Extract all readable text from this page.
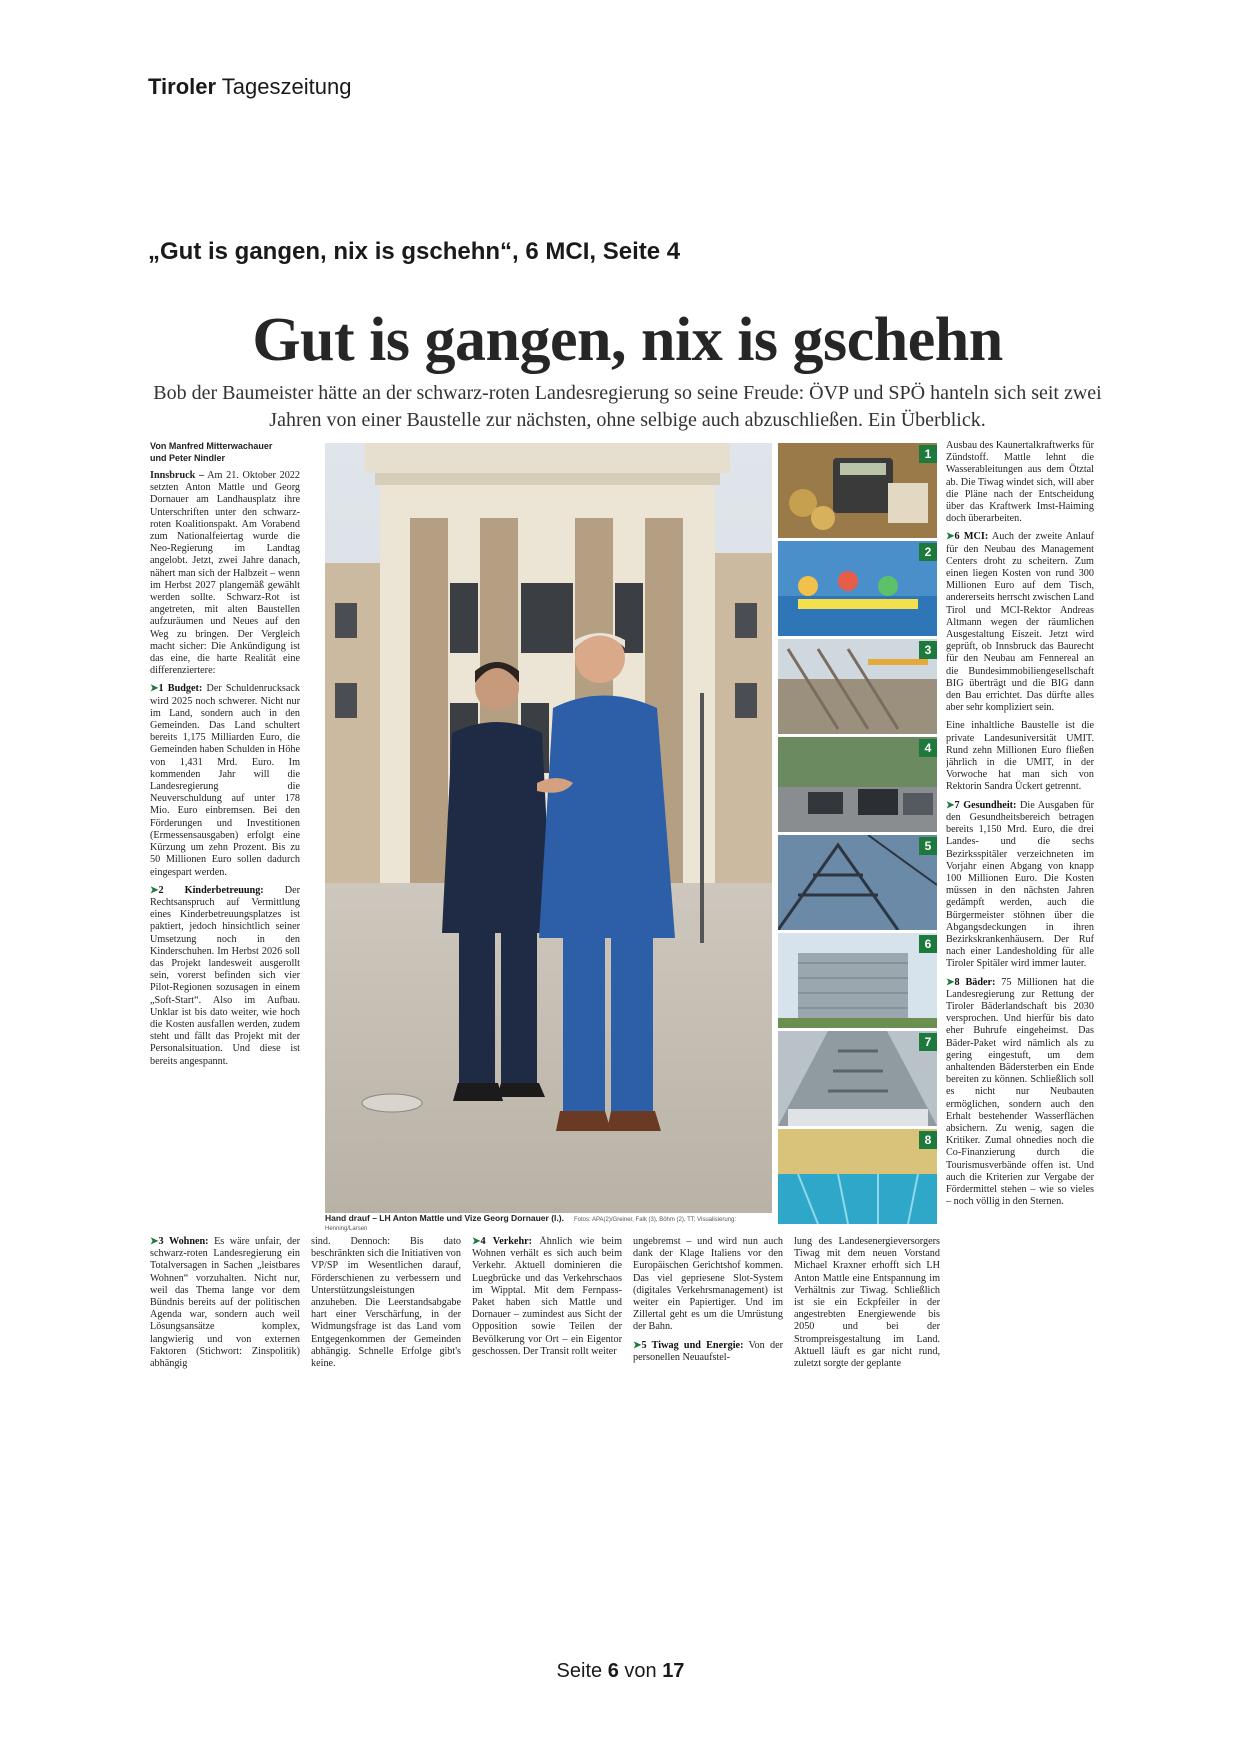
Tiroler Tageszeitung
„Gut is gangen, nix is gschehn“, 6 MCI, Seite 4
Gut is gangen, nix is gschehn
Bob der Baumeister hätte an der schwarz-roten Landesregierung so seine Freude: ÖVP und SPÖ hanteln sich seit zwei Jahren von einer Baustelle zur nächsten, ohne selbige auch abzuschließen. Ein Überblick.

Von Manfred Mitterwachauer
und Peter Nindler

Innsbruck – Am 21. Oktober 2022 setzten Anton Mattle und Georg Dornauer am Landhausplatz ihre Unterschriften unter den schwarz-roten Koalitionspakt. Am Vorabend zum Nationalfeiertag wurde die Neo-Regierung im Landtag angelobt. Jetzt, zwei Jahre danach, nähert man sich der Halbzeit – wenn im Herbst 2027 plangemäß gewählt werden sollte. Schwarz-Rot ist angetreten, mit alten Baustellen aufzuräumen und Neues auf den Weg zu bringen. Der Vergleich macht sicher: Die Ankündigung ist das eine, die harte Realität eine differenziertere:

➤ 1 Budget: Der Schuldenrucksack wird 2025 noch schwerer. Nicht nur im Land, sondern auch in den Gemeinden. Das Land schultert bereits 1,175 Milliarden Euro, die Gemeinden haben Schulden in Höhe von 1,431 Mrd. Euro. Im kommenden Jahr will die Landesregierung die Neuverschuldung auf unter 178 Mio. Euro einbremsen. Bei den Förderungen und Investitionen (Ermessensausgaben) erfolgt eine Kürzung um zehn Prozent. Bis zu 50 Millionen Euro sollen dadurch eingespart werden.

➤ 2 Kinderbetreuung: Der Rechtsanspruch auf Vermittlung eines Kinderbetreuungsplatzes ist paktiert, jedoch hinsichtlich seiner Umsetzung noch in den Kinderschuhen. Im Herbst 2026 soll das Projekt landesweit ausgerollt sein, vorerst befinden sich vier Pilot-Regionen sozusagen in einem „Soft-Start“. Also im Aufbau. Unklar ist bis dato weiter, wie hoch die Kosten ausfallen werden, zudem steht und fällt das Projekt mit der Personalsituation. Und diese ist bereits angespannt.

Hand drauf – LH Anton Mattle und Vize Georg Dornauer (l.). Fotos: APA(2)/Greiner, Falk (3), Böhm (2), TT; Visualisierung: Henning/Larsen
1
2
3
4
5
6
7
8

Ausbau des Kaunertalkraftwerks für Zündstoff. Mattle lehnt die Wasserableitungen aus dem Ötztal ab. Die Tiwag windet sich, will aber die Pläne nach der Entscheidung über das Kraftwerk Imst-Haiming doch überarbeiten.

➤ 6 MCI: Auch der zweite Anlauf für den Neubau des Management Centers droht zu scheitern. Zum einen liegen Kosten von rund 300 Millionen Euro auf dem Tisch, andererseits herrscht zwischen Land Tirol und MCI-Rektor Andreas Altmann wegen der räumlichen Ausgestaltung Eiszeit. Jetzt wird geprüft, ob Innsbruck das Baurecht für den Neubau am Fennereal an die Bundesimmobiliengesellschaft BIG überträgt und die BIG dann den Bau errichtet. Das dürfte alles aber sehr kompliziert sein.

Eine inhaltliche Baustelle ist die private Landesuniversität UMIT. Rund zehn Millionen Euro fließen jährlich in die UMIT, in der Vorwoche hat man sich von Rektorin Sandra Ückert getrennt.

➤ 7 Gesundheit: Die Ausgaben für den Gesundheitsbereich betragen bereits 1,150 Mrd. Euro, die drei Landes- und die sechs Bezirksspitäler verzeichneten im Vorjahr einen Abgang von knapp 100 Millionen Euro. Die Kosten müssen in den nächsten Jahren gedämpft werden, auch die Bürgermeister stöhnen über die Abgangsdeckungen in ihren Bezirkskrankenhäusern. Der Ruf nach einer Landesholding für alle Tiroler Spitäler wird immer lauter.

➤ 8 Bäder: 75 Millionen hat die Landesregierung zur Rettung der Tiroler Bäderlandschaft bis 2030 versprochen. Und hierfür bis dato eher Buhrufe eingeheimst. Das Bäder-Paket wird nämlich als zu gering eingestuft, um dem anhaltenden Bädersterben ein Ende bereiten zu können. Schließlich soll es nicht nur Neubauten ermöglichen, sondern auch den Erhalt bestehender Wasserflächen absichern. Zu wenig, sagen die Kritiker. Zumal ohnedies noch die Co-Finanzierung durch die Tourismusverbände offen ist. Und auch die Kriterien zur Vergabe der Fördermittel stehen – wie so vieles – noch völlig in den Sternen.

➤ 3 Wohnen: Es wäre unfair, der schwarz-roten Landesregierung ein Totalversagen in Sachen „leistbares Wohnen“ vorzuhalten. Nicht nur, weil das Thema lange vor dem Bündnis bereits auf der politischen Agenda war, sondern auch weil Lösungsansätze komplex, langwierig und von externen Faktoren (Stichwort: Zinspolitik) abhängig

sind. Dennoch: Bis dato beschränkten sich die Initiativen von VP/SP im Wesentlichen darauf, Förderschienen zu verbessern und Unterstützungsleistungen anzuheben. Die Leerstandsabgabe hart einer Verschärfung, in der Widmungsfrage ist das Land vom Entgegenkommen der Gemeinden abhängig. Schnelle Erfolge gibt's keine.

➤ 4 Verkehr: Ähnlich wie beim Wohnen verhält es sich auch beim Verkehr. Aktuell dominieren die Luegbrücke und das Verkehrschaos im Wipptal. Mit dem Fernpass-Paket haben sich Mattle und Dornauer – zumindest aus Sicht der Opposition sowie Teilen der Bevölkerung vor Ort – ein Eigentor geschossen. Der Transit rollt weiter

ungebremst – und wird nun auch dank der Klage Italiens vor den Europäischen Gerichtshof kommen. Das viel gepriesene Slot-System (digitales Verkehrsmanagement) ist weiter ein Papiertiger. Und im Zillertal geht es um die Umrüstung der Bahn.

➤ 5 Tiwag und Energie: Von der personellen Neuaufstel-

lung des Landesenergieversorgers Tiwag mit dem neuen Vorstand Michael Kraxner erhofft sich LH Anton Mattle eine Entspannung im Verhältnis zur Tiwag. Schließlich ist sie ein Eckpfeiler in der angestrebten Energiewende bis 2050 und bei der Strompreisgestaltung im Land. Aktuell läuft es gar nicht rund, zuletzt sorgte der geplante

Seite 6 von 17
